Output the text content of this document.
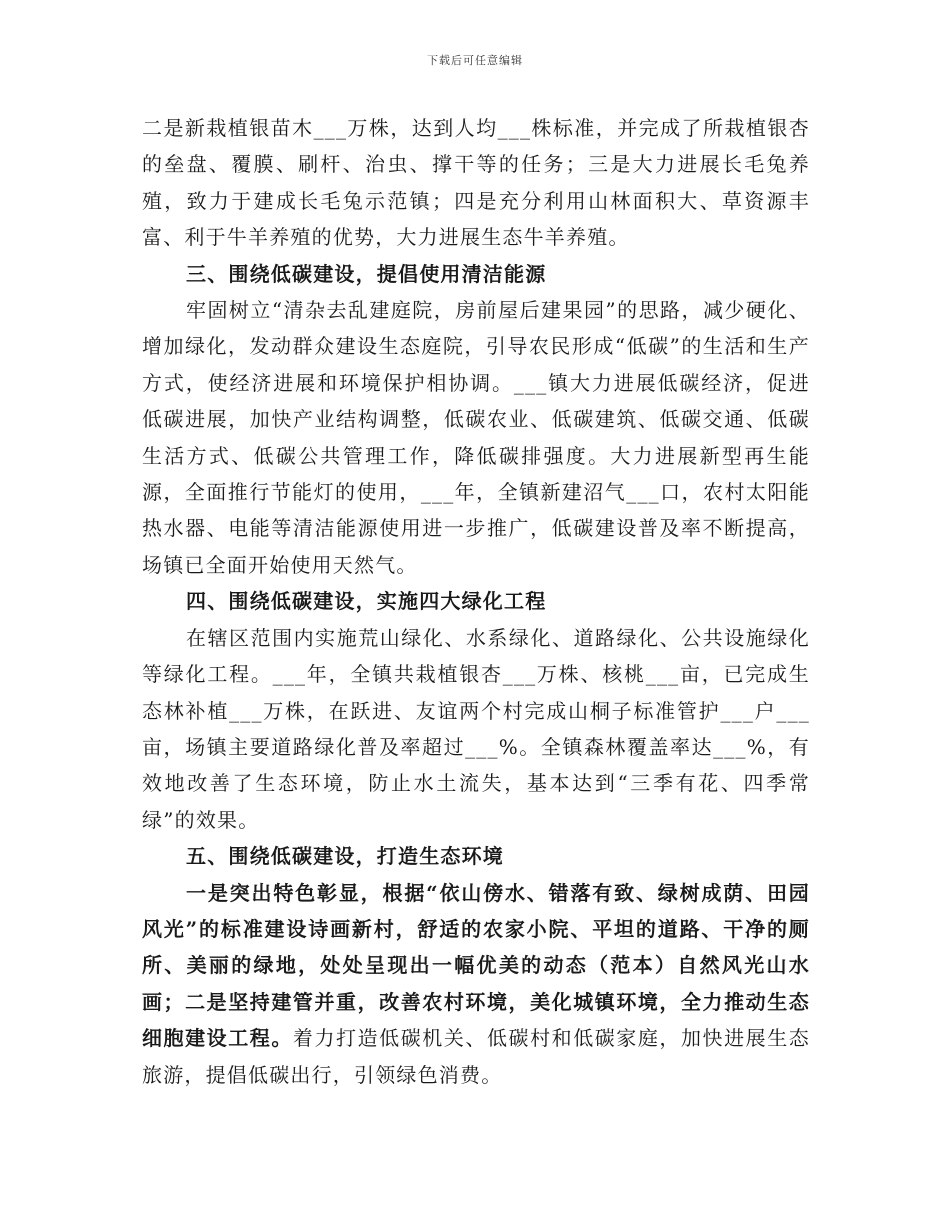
下载后可任意编辑

二是新栽植银苗木___万株，达到人均___株标准，并完成了所栽植银杏的垒盘、覆膜、刷杆、治虫、撑干等的任务；三是大力进展长毛兔养殖，致力于建成长毛兔示范镇；四是充分利用山林面积大、草资源丰富、利于牛羊养殖的优势，大力进展生态牛羊养殖。

三、围绕低碳建设，提倡使用清洁能源

牢固树立“清杂去乱建庭院，房前屋后建果园”的思路，减少硬化、增加绿化，发动群众建设生态庭院，引导农民形成“低碳”的生活和生产方式，使经济进展和环境保护相协调。___镇大力进展低碳经济，促进低碳进展，加快产业结构调整，低碳农业、低碳建筑、低碳交通、低碳生活方式、低碳公共管理工作，降低碳排强度。大力进展新型再生能源，全面推行节能灯的使用，___年，全镇新建沼气___口，农村太阳能热水器、电能等清洁能源使用进一步推广，低碳建设普及率不断提高，场镇已全面开始使用天然气。

四、围绕低碳建设，实施四大绿化工程

在辖区范围内实施荒山绿化、水系绿化、道路绿化、公共设施绿化等绿化工程。___年，全镇共栽植银杏___万株、核桃___亩，已完成生态林补植___万株，在跃进、友谊两个村完成山桐子标准管护___户___亩，场镇主要道路绿化普及率超过___%。全镇森林覆盖率达___%，有效地改善了生态环境，防止水土流失，基本达到“三季有花、四季常绿”的效果。

五、围绕低碳建设，打造生态环境

一是突出特色彰显，根据“依山傍水、错落有致、绿树成荫、田园风光”的标准建设诗画新村，舒适的农家小院、平坦的道路、干净的厕所、美丽的绿地，处处呈现出一幅优美的动态（范本）自然风光山水画；二是坚持建管并重，改善农村环境，美化城镇环境，全力推动生态细胞建设工程。着力打造低碳机关、低碳村和低碳家庭，加快进展生态旅游，提倡低碳出行，引领绿色消费。
